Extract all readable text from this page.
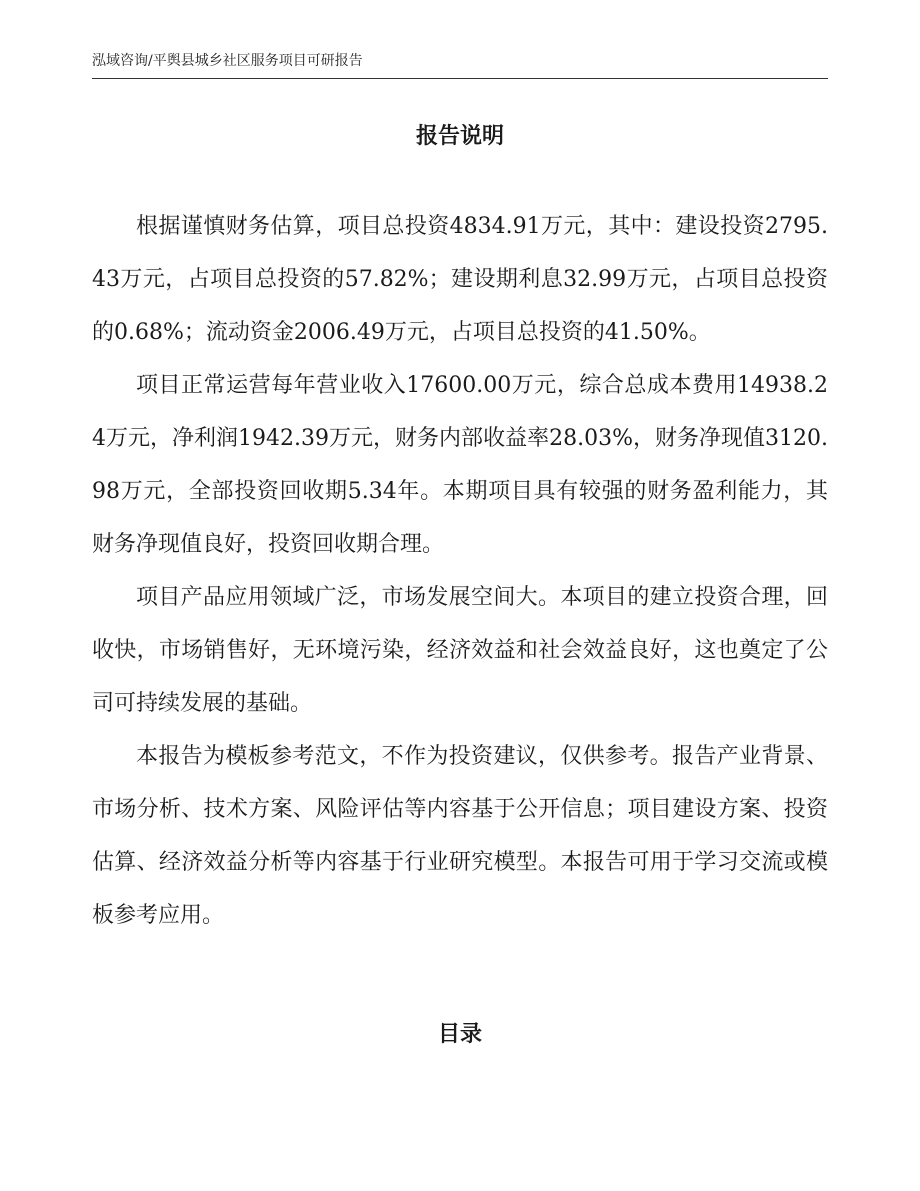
泓域咨询/平舆县城乡社区服务项目可研报告
报告说明

根据谨慎财务估算，项目总投资4834.91万元，其中：建设投资2795.43万元，占项目总投资的57.82%；建设期利息32.99万元，占项目总投资的0.68%；流动资金2006.49万元，占项目总投资的41.50%。

项目正常运营每年营业收入17600.00万元，综合总成本费用14938.24万元，净利润1942.39万元，财务内部收益率28.03%，财务净现值3120.98万元，全部投资回收期5.34年。本期项目具有较强的财务盈利能力，其财务净现值良好，投资回收期合理。

项目产品应用领域广泛，市场发展空间大。本项目的建立投资合理，回收快，市场销售好，无环境污染，经济效益和社会效益良好，这也奠定了公司可持续发展的基础。

本报告为模板参考范文，不作为投资建议，仅供参考。报告产业背景、市场分析、技术方案、风险评估等内容基于公开信息；项目建设方案、投资估算、经济效益分析等内容基于行业研究模型。本报告可用于学习交流或模板参考应用。

目录
